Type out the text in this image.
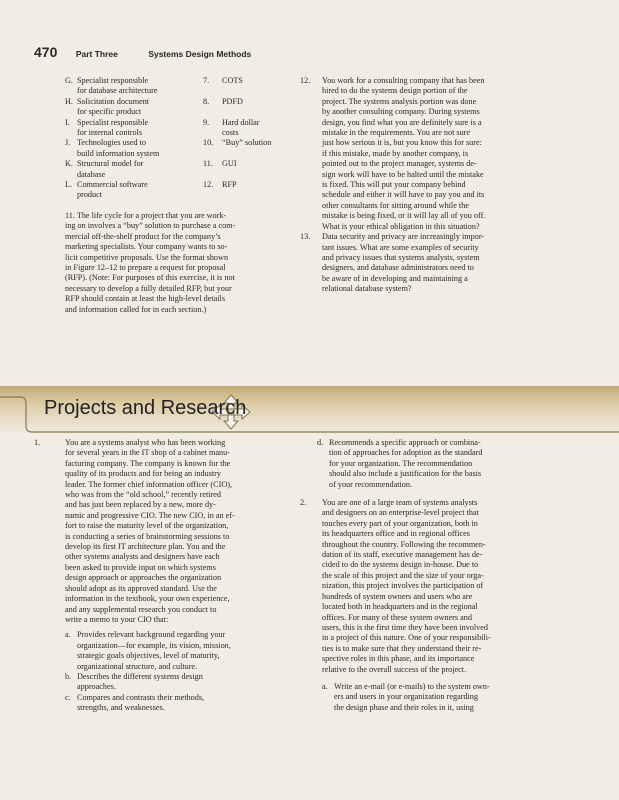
470 Part Three	Systems Design Methods
G. Specialist responsible
for database architecture
7.	COTS
H. Solicitation document
for specific product
8.	PDFD
I. Specialist responsible
for internal controls
9.	Hard dollar
costs
J. Technologies used to
build information system
10.	“Buy” solution
K. Structural model for
database
11.	GUI
L. Commercial software
product
12.	RFP
11. The life cycle for a project that you are work-
ing on involves a “buy” solution to purchase a com-
mercial off-the-shelf product for the company’s
marketing specialists. Your company wants to so-
licit competitive proposals. Use the format shown
in Figure 12–12 to prepare a request for proposal
(RFP). (Note: For purposes of this exercise, it is not
necessary to develop a fully detailed RFP, but your
RFP should contain at least the high-level details
and information called for in each section.)
12.	You work for a consulting company that has been
hired to do the systems design portion of the
project. The systems analysis portion was done
by another consulting company. During systems
design, you find what you are definitely sure is a
mistake in the requirements. You are not sure
just how serious it is, but you know this for sure:
if this mistake, made by another company, is
pointed out to the project manager, systems de-
sign work will have to be halted until the mistake
is fixed. This will put your company behind
schedule and either it will have to pay you and its
other consultants for sitting around while the
mistake is being fixed, or it will lay all of you off.
What is your ethical obligation in this situation?
13.	Data security and privacy are increasingly impor-
tant issues. What are some examples of security
and privacy issues that systems analysts, system
designers, and database administrators need to
be aware of in developing and maintaining a
relational database system?
Projects and Research
1.	You are a systems analyst who has been working
for several years in the IT shop of a cabinet manu-
facturing company. The company is known for the
quality of its products and for being an industry
leader. The former chief information officer (CIO),
who was from the “old school,” recently retired
and has just been replaced by a new, more dy-
namic and progressive CIO. The new CIO, in an ef-
fort to raise the maturity level of the organization,
is conducting a series of brainstorming sessions to
develop its first IT architecture plan. You and the
other systems analysts and designers have each
been asked to provide input on which systems
design approach or approaches the organization
should adopt as its approved standard. Use the
information in the textbook, your own experience,
and any supplemental research you conduct to
write a memo to your CIO that:
a. Provides relevant background regarding your
organization—for example, its vision, mission,
strategic goals objectives, level of maturity,
organizational structure, and culture.
b. Describes the different systems design
approaches.
c. Compares and contrasts their methods,
strengths, and weaknesses.
d. Recommends a specific approach or combina-
tion of approaches for adoption as the standard
for your organization. The recommendation
should also include a justification for the basis
of your recommendation.
2.	You are one of a large team of systems analysts
and designers on an enterprise-level project that
touches every part of your organization, both in
its headquarters office and in regional offices
throughout the country. Following the recommen-
dation of its staff, executive management has de-
cided to do the systems design in-house. Due to
the scale of this project and the size of your orga-
nization, this project involves the participation of
hundreds of system owners and users who are
located both in headquarters and in the regional
offices. For many of these system owners and
users, this is the first time they have been involved
in a project of this nature. One of your responsibili-
ties is to make sure that they understand their re-
spective roles in this phase, and its importance
relative to the overall success of the project.
a. Write an e-mail (or e-mails) to the system own-
ers and users in your organization regarding
the design phase and their roles in it, using
